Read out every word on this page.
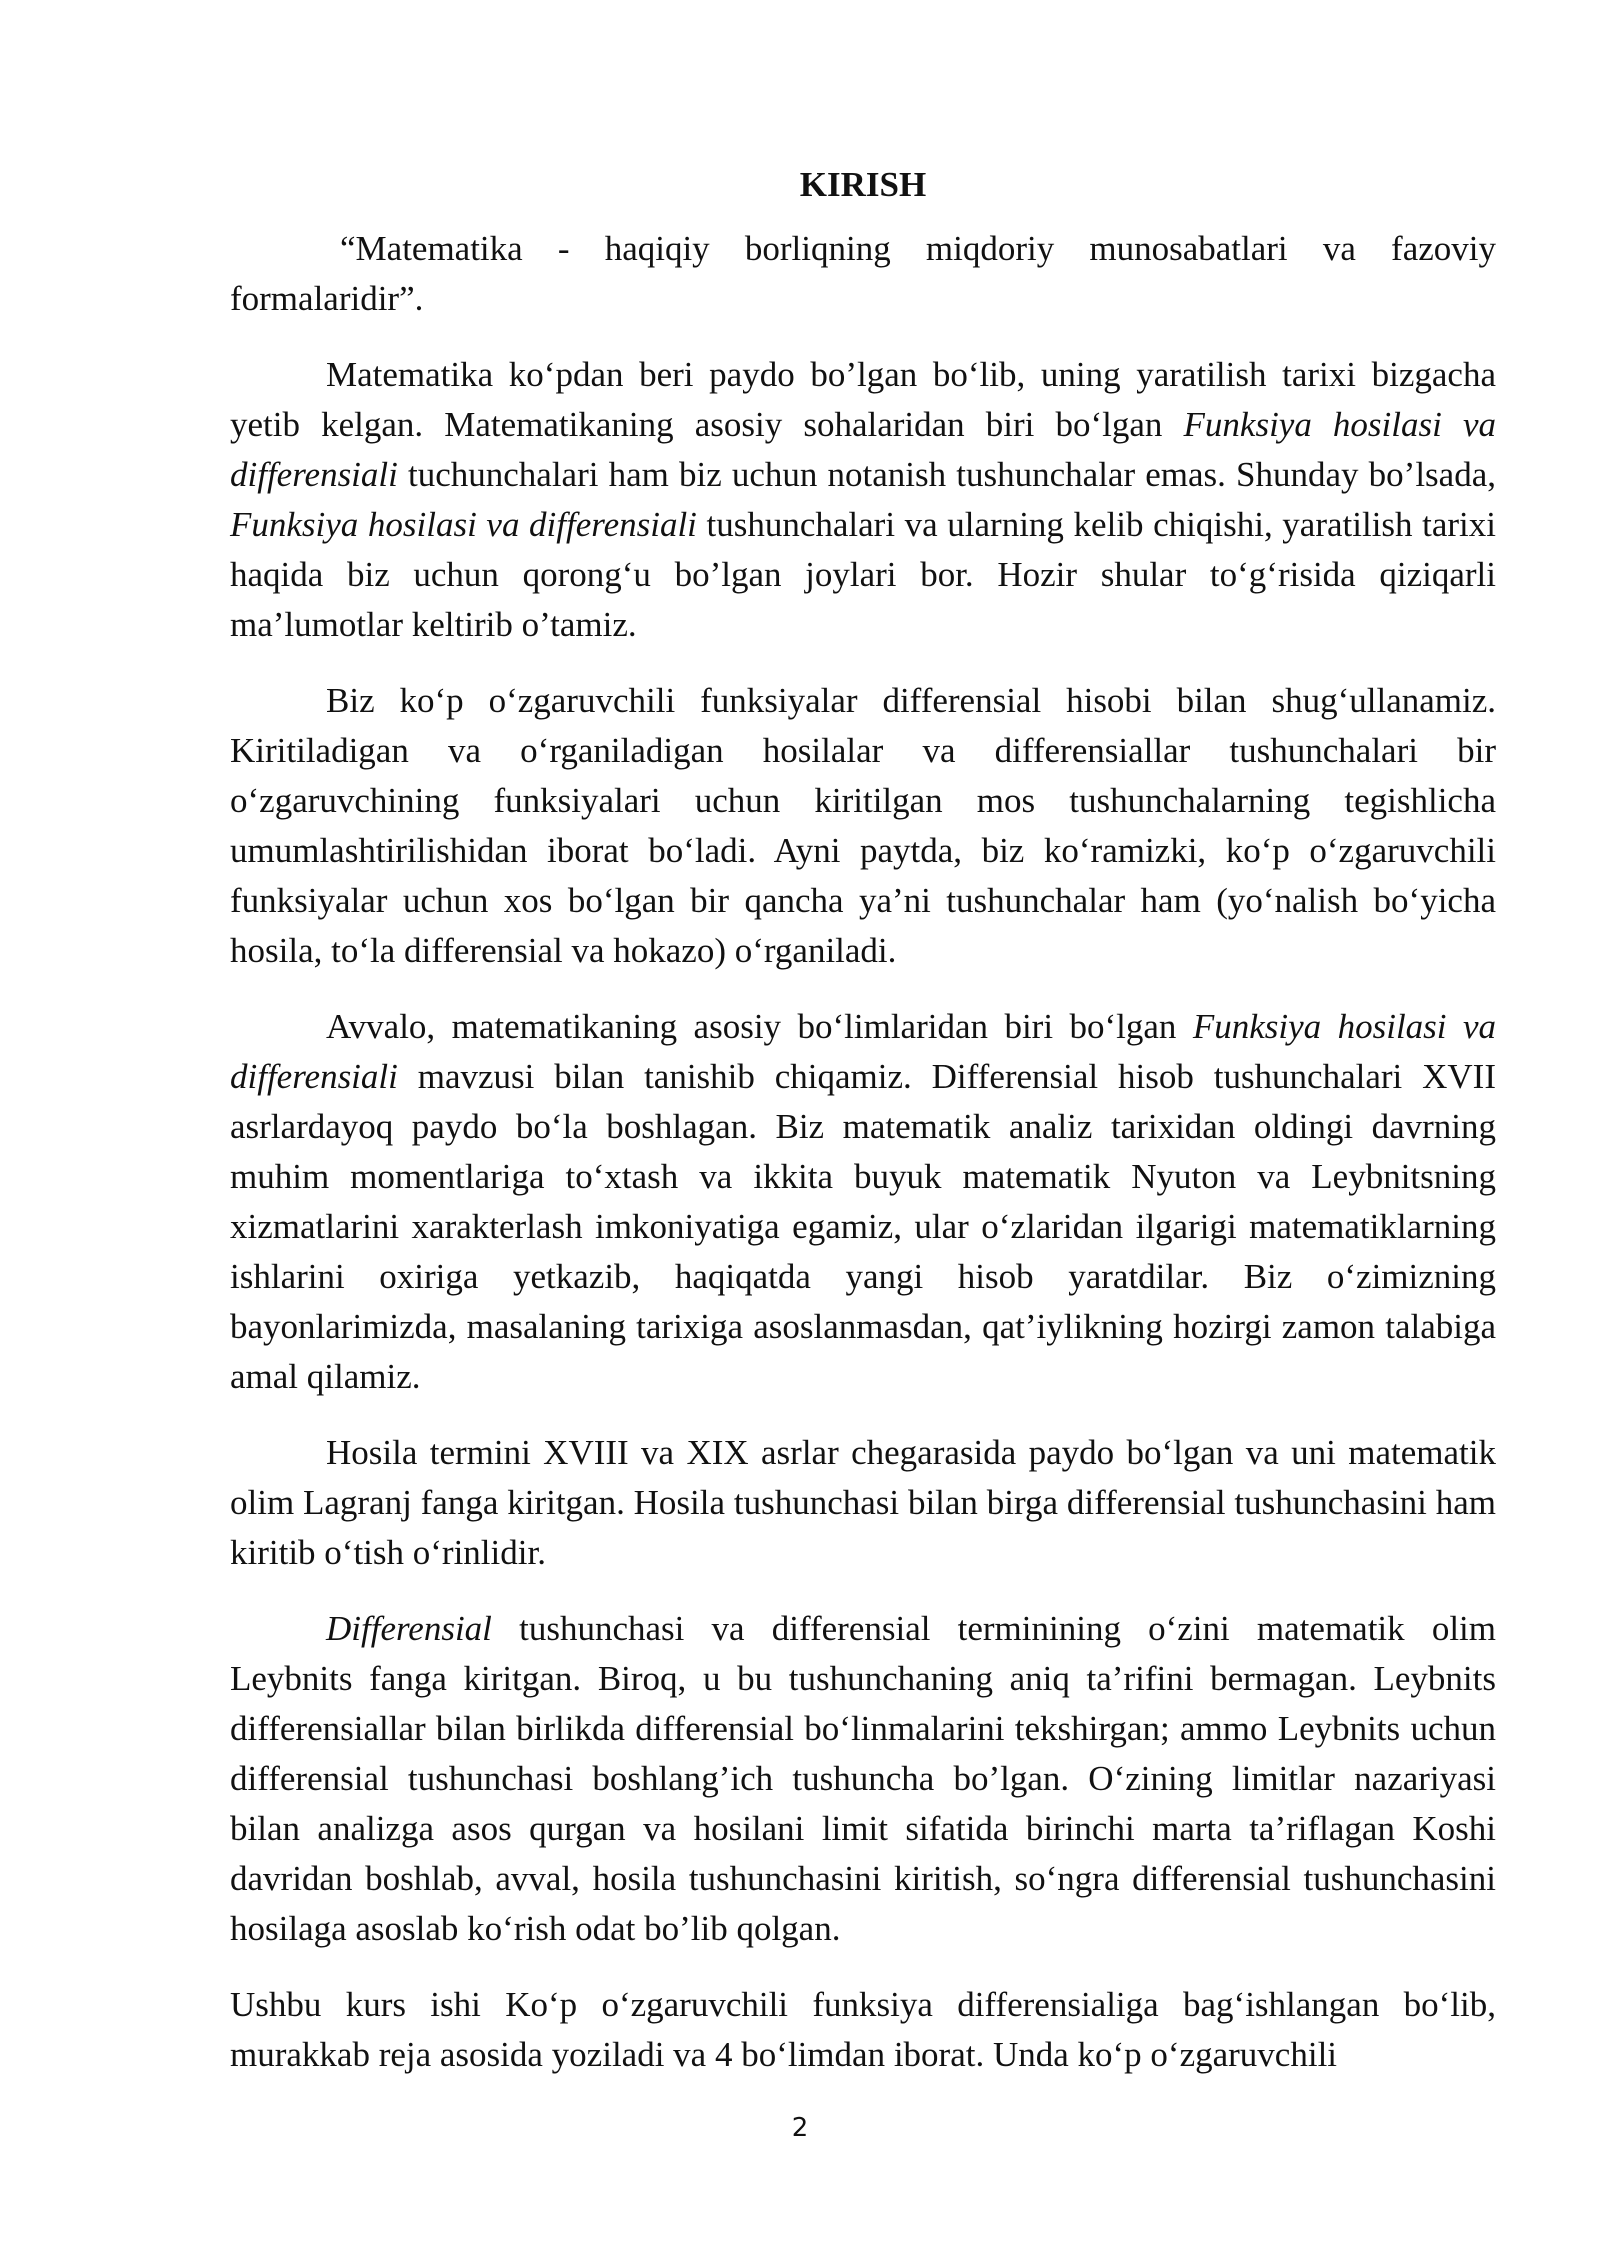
KIRISH

“Matematika - haqiqiy borliqning miqdoriy munosabatlari va fazoviy formalaridir”.

Matematika ko‘pdan beri paydo bo’lgan bo‘lib, uning yaratilish tarixi bizgacha yetib kelgan. Matematikaning asosiy sohalaridan biri bo‘lgan Funksiya hosilasi va differensiali tuchunchalari ham biz uchun notanish tushunchalar emas. Shunday bo’lsada, Funksiya hosilasi va differensiali tushunchalari va ularning kelib chiqishi, yaratilish tarixi haqida biz uchun qorong‘u bo’lgan joylari bor. Hozir shular to‘g‘risida qiziqarli ma’lumotlar keltirib o’tamiz.

Biz ko‘p o‘zgaruvchili funksiyalar differensial hisobi bilan shug‘ullanamiz. Kiritiladigan va o‘rganiladigan hosilalar va differensiallar tushunchalari bir o‘zgaruvchining funksiyalari uchun kiritilgan mos tushunchalarning tegishlicha umumlashtirilishidan iborat bo‘ladi. Ayni paytda, biz ko‘ramizki, ko‘p o‘zgaruvchili funksiyalar uchun xos bo‘lgan bir qancha ya’ni tushunchalar ham (yo‘nalish bo‘yicha hosila, to‘la differensial va hokazo) o‘rganiladi.

Avvalo, matematikaning asosiy bo‘limlaridan biri bo‘lgan Funksiya hosilasi va differensiali mavzusi bilan tanishib chiqamiz. Differensial hisob tushunchalari XVII asrlardayoq paydo bo‘la boshlagan. Biz matematik analiz tarixidan oldingi davrning muhim momentlariga to‘xtash va ikkita buyuk matematik Nyuton va Leybnitsning xizmatlarini xarakterlash imkoniyatiga egamiz, ular o‘zlaridan ilgarigi matematiklarning ishlarini oxiriga yetkazib, haqiqatda yangi hisob yaratdilar. Biz o‘zimizning bayonlarimizda, masalaning tarixiga asoslanmasdan, qat’iylikning hozirgi zamon talabiga amal qilamiz.

Hosila termini XVIII va XIX asrlar chegarasida paydo bo‘lgan va uni matematik olim Lagranj fanga kiritgan. Hosila tushunchasi bilan birga differensial tushunchasini ham kiritib o‘tish o‘rinlidir.

Differensial tushunchasi va differensial terminining o‘zini matematik olim Leybnits fanga kiritgan. Biroq, u bu tushunchaning aniq ta’rifini bermagan. Leybnits differensiallar bilan birlikda differensial bo‘linmalarini tekshirgan; ammo Leybnits uchun differensial tushunchasi boshlang’ich tushuncha bo’lgan. O‘zining limitlar nazariyasi bilan analizga asos qurgan va hosilani limit sifatida birinchi marta ta’riflagan Koshi davridan boshlab, avval, hosila tushunchasini kiritish, so‘ngra differensial tushunchasini hosilaga asoslab ko‘rish odat bo’lib qolgan.

Ushbu kurs ishi Ko‘p o‘zgaruvchili funksiya differensialiga bag‘ishlangan bo‘lib, murakkab reja asosida yoziladi va 4 bo‘limdan iborat. Unda ko‘p o‘zgaruvchili

2
